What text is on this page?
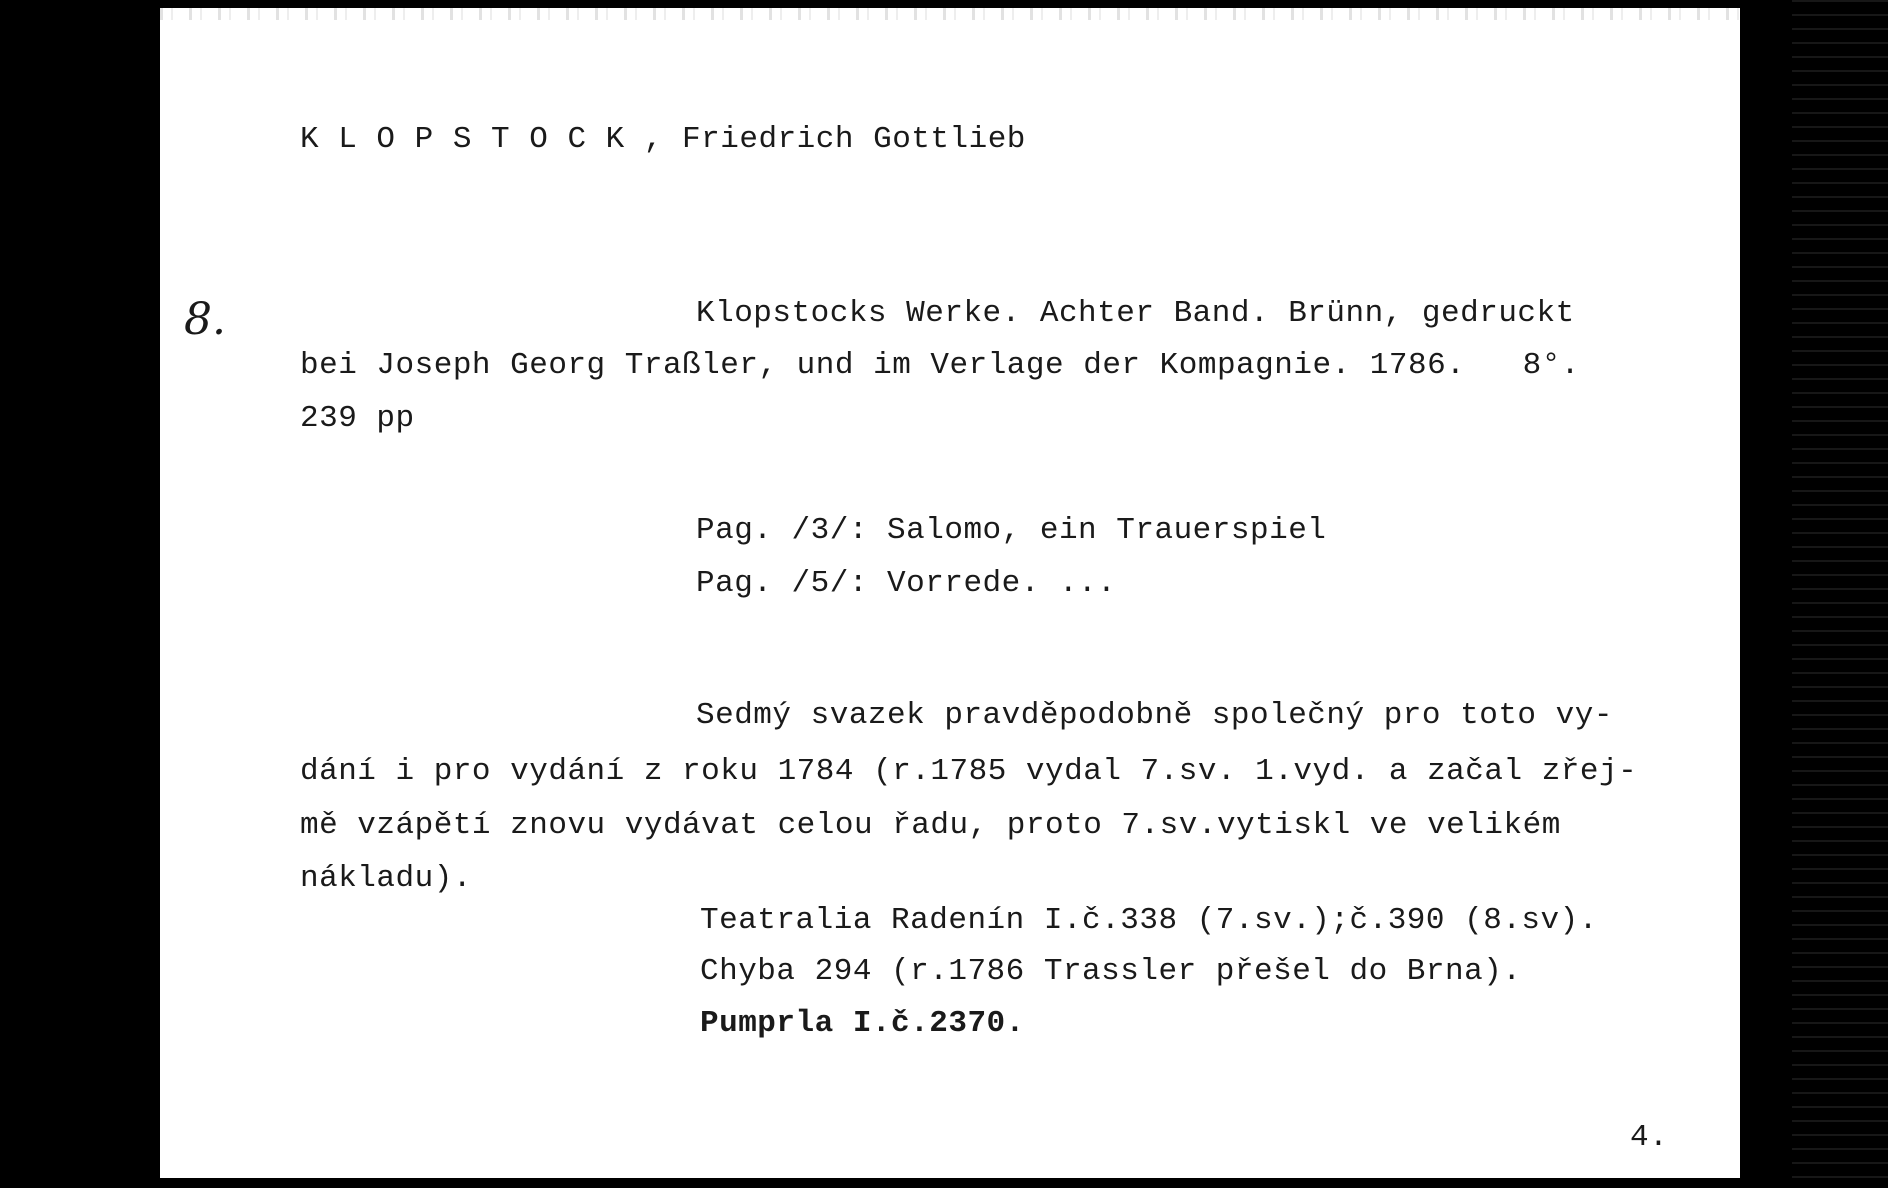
K L O P S T O C K , Friedrich Gottlieb
8.	Klopstocks Werke. Achter Band. Brünn, gedruckt
bei Joseph Georg Traßler, und im Verlage der Kompagnie. 1786.   8°.
239 pp
Pag. /3/: Salomo, ein Trauerspiel
Pag. /5/: Vorrede. ...
Sedmý svazek pravděpodobně společný pro toto vy-
dání i pro vydání z roku 1784 (r.1785 vydal 7.sv. 1.vyd. a začal zřej-
mě vzápětí znovu vydávat celou řadu, proto 7.sv.vytiskl ve velikém
nákladu).
Teatralia Radenín I.č.338 (7.sv.);č.390 (8.sv).
Chyba 294 (r.1786 Trassler přešel do Brna).
Pumprla I.č.2370.
4.
